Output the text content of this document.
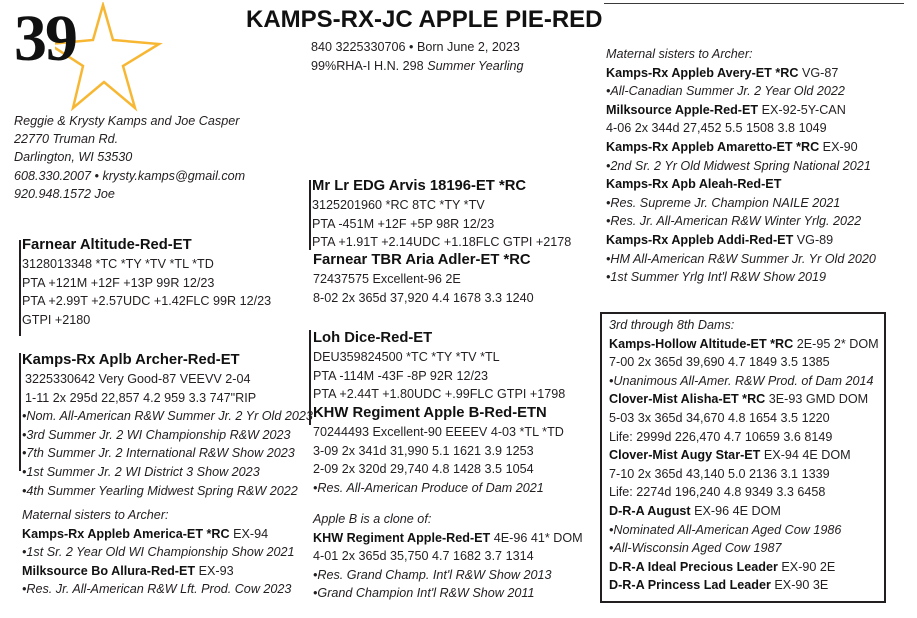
39	KAMPS-RX-JC APPLE PIE-RED
840 3225330706 • Born June 2, 2023
99%RHA-I H.N. 298 Summer Yearling
Reggie & Krysty Kamps and Joe Casper
22770 Truman Rd.
Darlington, WI 53530
608.330.2007 • krysty.kamps@gmail.com
920.948.1572 Joe
Farnear Altitude-Red-ET
3128013348 *TC *TY *TV *TL *TD
PTA +121M +12F +13P 99R 12/23
PTA +2.99T +2.57UDC +1.42FLC 99R 12/23
GTPI +2180
Kamps-Rx Aplb Archer-Red-ET
3225330642 Very Good-87 VEEVV 2-04
1-11 2x 295d 22,857 4.2 959 3.3 747"RIP
•Nom. All-American R&W Summer Jr. 2 Yr Old 2023
•3rd Summer Jr. 2 WI Championship R&W 2023
•7th Summer Jr. 2 International R&W Show 2023
•1st Summer Jr. 2 WI District 3 Show 2023
•4th Summer Yearling Midwest Spring R&W 2022
Maternal sisters to Archer:
Kamps-Rx Appleb America-ET *RC EX-94
•1st Sr. 2 Year Old WI Championship Show 2021
Milksource Bo Allura-Red-ET EX-93
•Res. Jr. All-American R&W Lft. Prod. Cow 2023
Mr Lr EDG Arvis 18196-ET *RC
3125201960 *RC 8TC *TY *TV
PTA -451M +12F +5P 98R 12/23
PTA +1.91T +2.14UDC +1.18FLC GTPI +2178
Farnear TBR Aria Adler-ET *RC
72437575 Excellent-96 2E
8-02 2x 365d 37,920 4.4 1678 3.3 1240
Loh Dice-Red-ET
DEU359824500 *TC *TY *TV *TL
PTA -114M -43F -8P 92R 12/23
PTA +2.44T +1.80UDC +.99FLC GTPI +1798
KHW Regiment Apple B-Red-ETN
70244493 Excellent-90 EEEEV 4-03 *TL *TD
3-09 2x 341d 31,990 5.1 1621 3.9 1253
2-09 2x 320d 29,740 4.8 1428 3.5 1054
•Res. All-American Produce of Dam 2021
Apple B is a clone of:
KHW Regiment Apple-Red-ET 4E-96 41* DOM
4-01 2x 365d 35,750 4.7 1682 3.7 1314
•Res. Grand Champ. Int'l R&W Show 2013
•Grand Champion Int'l R&W Show 2011
Maternal sisters to Archer:
Kamps-Rx Appleb Avery-ET *RC VG-87
•All-Canadian Summer Jr. 2 Year Old 2022
Milksource Apple-Red-ET EX-92-5Y-CAN
4-06 2x 344d 27,452 5.5 1508 3.8 1049
Kamps-Rx Appleb Amaretto-ET *RC EX-90
•2nd Sr. 2 Yr Old Midwest Spring National 2021
Kamps-Rx Apb Aleah-Red-ET
•Res. Supreme Jr. Champion NAILE 2021
•Res. Jr. All-American R&W Winter Yrlg. 2022
Kamps-Rx Appleb Addi-Red-ET VG-89
•HM All-American R&W Summer Jr. Yr Old 2020
•1st Summer Yrlg Int'l R&W Show 2019
3rd through 8th Dams:
Kamps-Hollow Altitude-ET *RC 2E-95 2* DOM
7-00 2x 365d 39,690 4.7 1849 3.5 1385
•Unanimous All-Amer. R&W Prod. of Dam 2014
Clover-Mist Alisha-ET *RC 3E-93 GMD DOM
5-03 3x 365d 34,670 4.8 1654 3.5 1220
Life: 2999d 226,470 4.7 10659 3.6 8149
Clover-Mist Augy Star-ET EX-94 4E DOM
7-10 2x 365d 43,140 5.0 2136 3.1 1339
Life: 2274d 196,240 4.8 9349 3.3 6458
D-R-A August EX-96 4E DOM
•Nominated All-American Aged Cow 1986
•All-Wisconsin Aged Cow 1987
D-R-A Ideal Precious Leader EX-90 2E
D-R-A Princess Lad Leader EX-90 3E
